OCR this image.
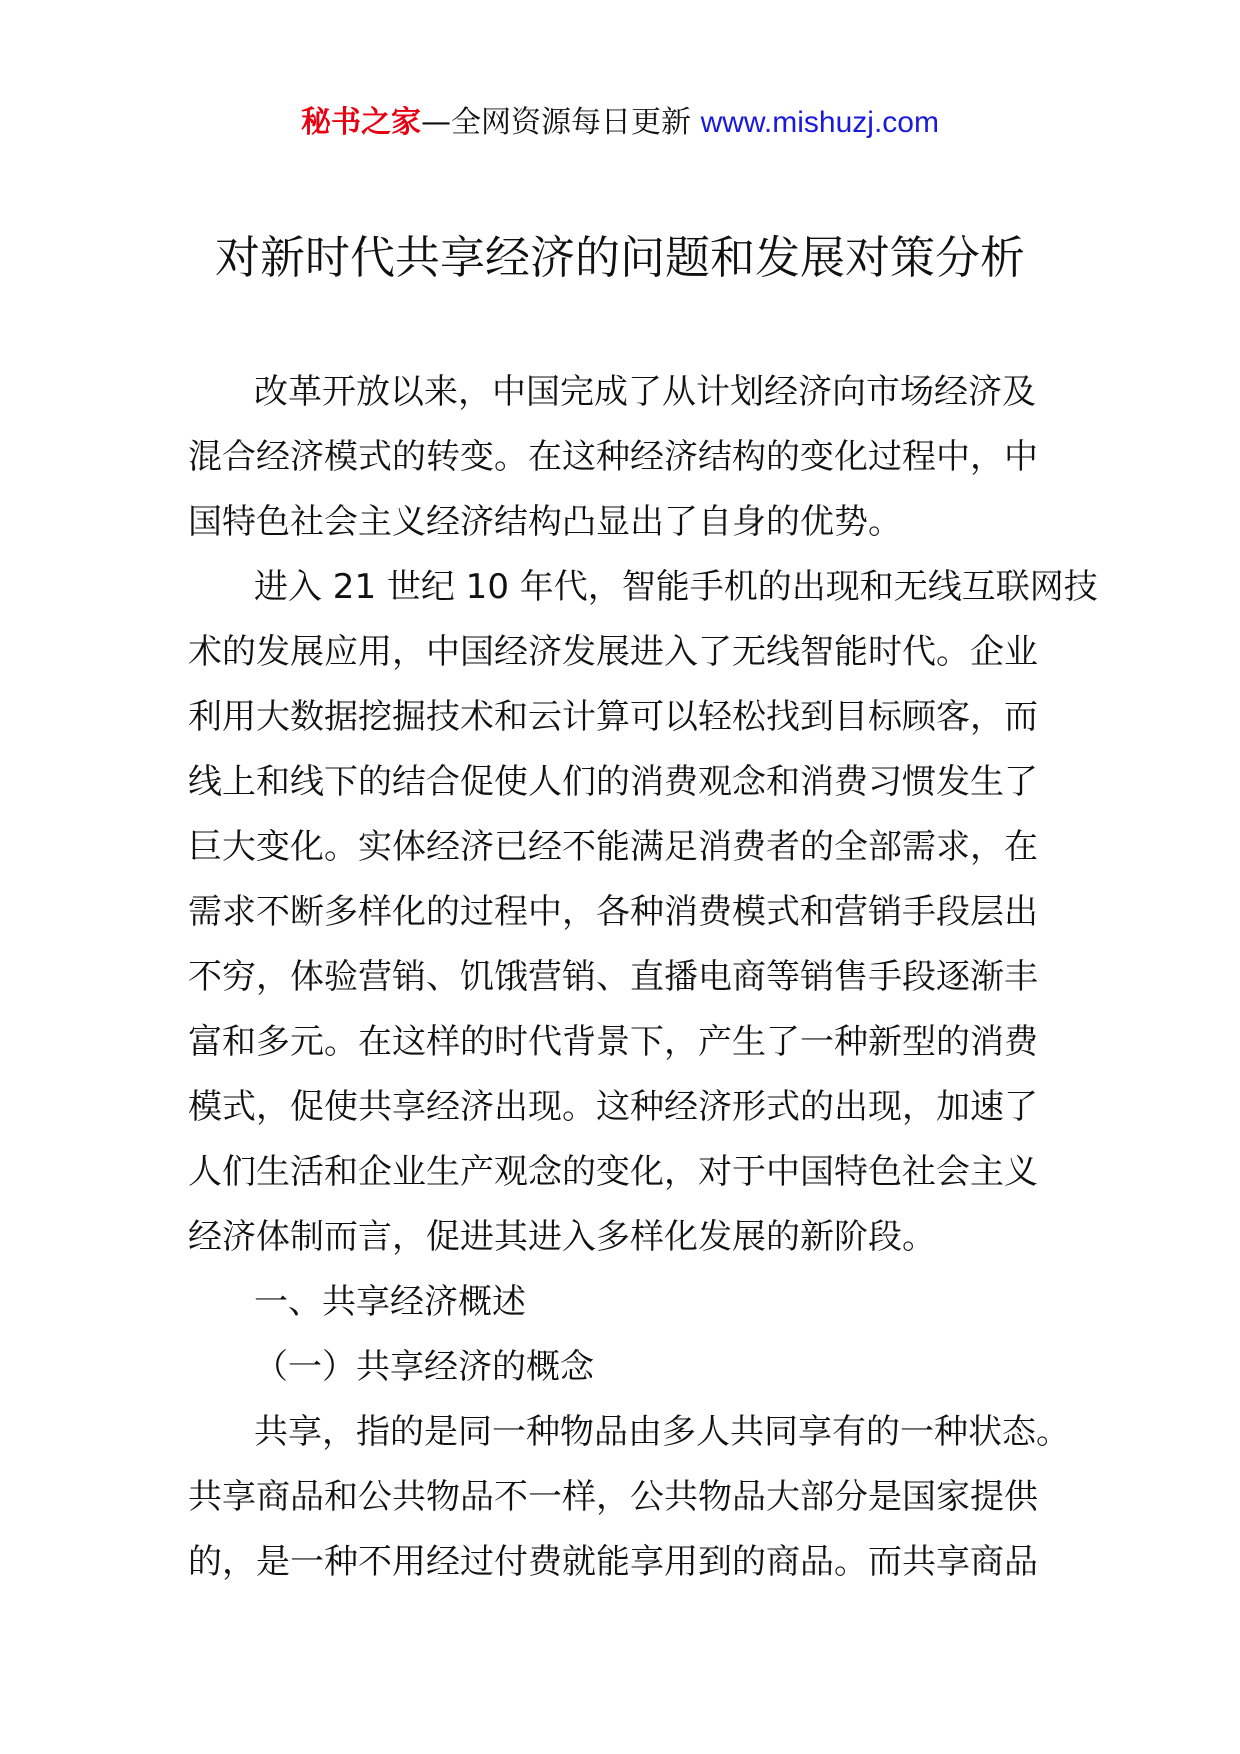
秘书之家—全网资源每日更新 www.mishuzj.com
对新时代共享经济的问题和发展对策分析
改革开放以来，中国完成了从计划经济向市场经济及
混合经济模式的转变。在这种经济结构的变化过程中，中
国特色社会主义经济结构凸显出了自身的优势。
进入 21 世纪 10 年代，智能手机的出现和无线互联网技
术的发展应用，中国经济发展进入了无线智能时代。企业
利用大数据挖掘技术和云计算可以轻松找到目标顾客，而
线上和线下的结合促使人们的消费观念和消费习惯发生了
巨大变化。实体经济已经不能满足消费者的全部需求，在
需求不断多样化的过程中，各种消费模式和营销手段层出
不穷，体验营销、饥饿营销、直播电商等销售手段逐渐丰
富和多元。在这样的时代背景下，产生了一种新型的消费
模式，促使共享经济出现。这种经济形式的出现，加速了
人们生活和企业生产观念的变化，对于中国特色社会主义
经济体制而言，促进其进入多样化发展的新阶段。
一、共享经济概述
（一）共享经济的概念
共享，指的是同一种物品由多人共同享有的一种状态。
共享商品和公共物品不一样，公共物品大部分是国家提供
的，是一种不用经过付费就能享用到的商品。而共享商品
